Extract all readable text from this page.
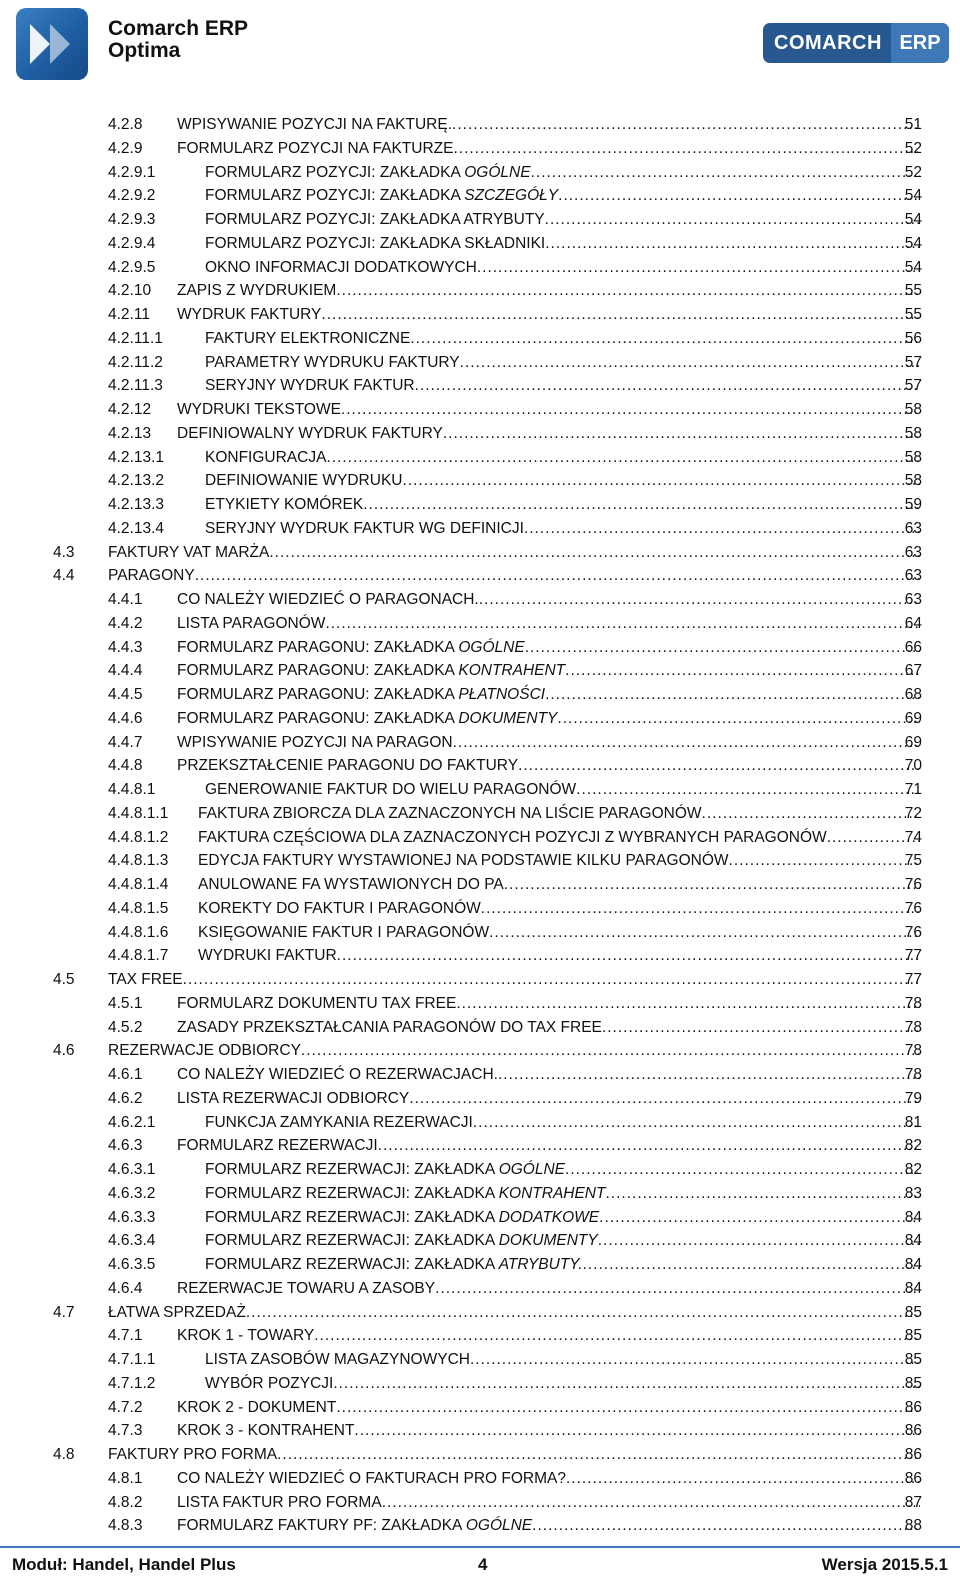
Comarch ERP
Optima	COMARCH ERP
4.2.8 WPISYWANIE POZYCJI NA FAKTURĘ. .....	51
4.2.9 FORMULARZ POZYCJI NA FAKTURZE .....	52
4.2.9.1	FORMULARZ POZYCJI: ZAKŁADKA OGÓLNE .....	52
4.2.9.2	FORMULARZ POZYCJI: ZAKŁADKA SZCZEGÓŁY .....	54
4.2.9.3	FORMULARZ POZYCJI: ZAKŁADKA ATRYBUTY .....	54
4.2.9.4	FORMULARZ POZYCJI: ZAKŁADKA SKŁADNIKI .....	54
4.2.9.5	OKNO INFORMACJI DODATKOWYCH .....	54
4.2.10 ZAPIS Z WYDRUKIEM .....	55
4.2.11 WYDRUK FAKTURY .....	55
4.2.11.1	FAKTURY ELEKTRONICZNE .....	56
4.2.11.2	PARAMETRY WYDRUKU FAKTURY .....	57
4.2.11.3	SERYJNY WYDRUK FAKTUR .....	57
4.2.12 WYDRUKI TEKSTOWE .....	58
4.2.13 DEFINIOWALNY WYDRUK FAKTURY .....	58
4.2.13.1	KONFIGURACJA .....	58
4.2.13.2	DEFINIOWANIE WYDRUKU .....	58
4.2.13.3	ETYKIETY KOMÓREK .....	59
4.2.13.4	SERYJNY WYDRUK FAKTUR WG DEFINICJI .....	63
4.3 FAKTURY VAT MARŻA .....	63
4.4 PARAGONY .....	63
4.4.1 CO NALEŻY WIEDZIEĆ O PARAGONACH. .....	63
4.4.2 LISTA PARAGONÓW .....	64
4.4.3 FORMULARZ PARAGONU: ZAKŁADKA OGÓLNE .....	66
4.4.4 FORMULARZ PARAGONU: ZAKŁADKA KONTRAHENT .....	67
4.4.5 FORMULARZ PARAGONU: ZAKŁADKA PŁATNOŚCI .....	68
4.4.6 FORMULARZ PARAGONU: ZAKŁADKA DOKUMENTY .....	69
4.4.7 WPISYWANIE POZYCJI NA PARAGON .....	69
4.4.8 PRZEKSZTAŁCENIE PARAGONU DO FAKTURY .....	70
4.4.8.1	GENEROWANIE FAKTUR DO WIELU PARAGONÓW .....	71
4.4.8.1.1 FAKTURA ZBIORCZA DLA ZAZNACZONYCH NA LIŚCIE PARAGONÓW .....	72
4.4.8.1.2 FAKTURA CZĘŚCIOWA DLA ZAZNACZONYCH POZYCJI Z WYBRANYCH PARAGONÓW .....	74
4.4.8.1.3 EDYCJA FAKTURY WYSTAWIONEJ NA PODSTAWIE KILKU PARAGONÓW .....	75
4.4.8.1.4 ANULOWANE FA WYSTAWIONYCH DO PA .....	76
4.4.8.1.5 KOREKTY DO FAKTUR I PARAGONÓW .....	76
4.4.8.1.6 KSIĘGOWANIE FAKTUR I PARAGONÓW .....	76
4.4.8.1.7 WYDRUKI FAKTUR .....	77
4.5 TAX FREE .....	77
4.5.1 FORMULARZ DOKUMENTU TAX FREE .....	78
4.5.2 ZASADY PRZEKSZTAŁCANIA PARAGONÓW DO TAX FREE .....	78
4.6 REZERWACJE ODBIORCY .....	78
4.6.1 CO NALEŻY WIEDZIEĆ O REZERWACJACH. .....	78
4.6.2 LISTA REZERWACJI ODBIORCY .....	79
4.6.2.1	FUNKCJA ZAMYKANIA REZERWACJI .....	81
4.6.3 FORMULARZ REZERWACJI .....	82
4.6.3.1	FORMULARZ REZERWACJI: ZAKŁADKA OGÓLNE .....	82
4.6.3.2	FORMULARZ REZERWACJI: ZAKŁADKA KONTRAHENT .....	83
4.6.3.3	FORMULARZ REZERWACJI: ZAKŁADKA DODATKOWE .....	84
4.6.3.4	FORMULARZ REZERWACJI: ZAKŁADKA DOKUMENTY .....	84
4.6.3.5	FORMULARZ REZERWACJI: ZAKŁADKA ATRYBUTY. .....	84
4.6.4 REZERWACJE TOWARU A ZASOBY .....	84
4.7 ŁATWA SPRZEDAŻ .....	85
4.7.1 KROK 1 - TOWARY .....	85
4.7.1.1	LISTA ZASOBÓW MAGAZYNOWYCH .....	85
4.7.1.2	WYBÓR POZYCJI .....	85
4.7.2 KROK 2 - DOKUMENT .....	86
4.7.3 KROK 3 - KONTRAHENT .....	86
4.8 FAKTURY PRO FORMA .....	86
4.8.1 CO NALEŻY WIEDZIEĆ O FAKTURACH PRO FORMA? .....	86
4.8.2 LISTA FAKTUR PRO FORMA .....	87
4.8.3 FORMULARZ FAKTURY PF: ZAKŁADKA OGÓLNE .....	88
Moduł: Handel, Handel Plus	4	Wersja 2015.5.1
